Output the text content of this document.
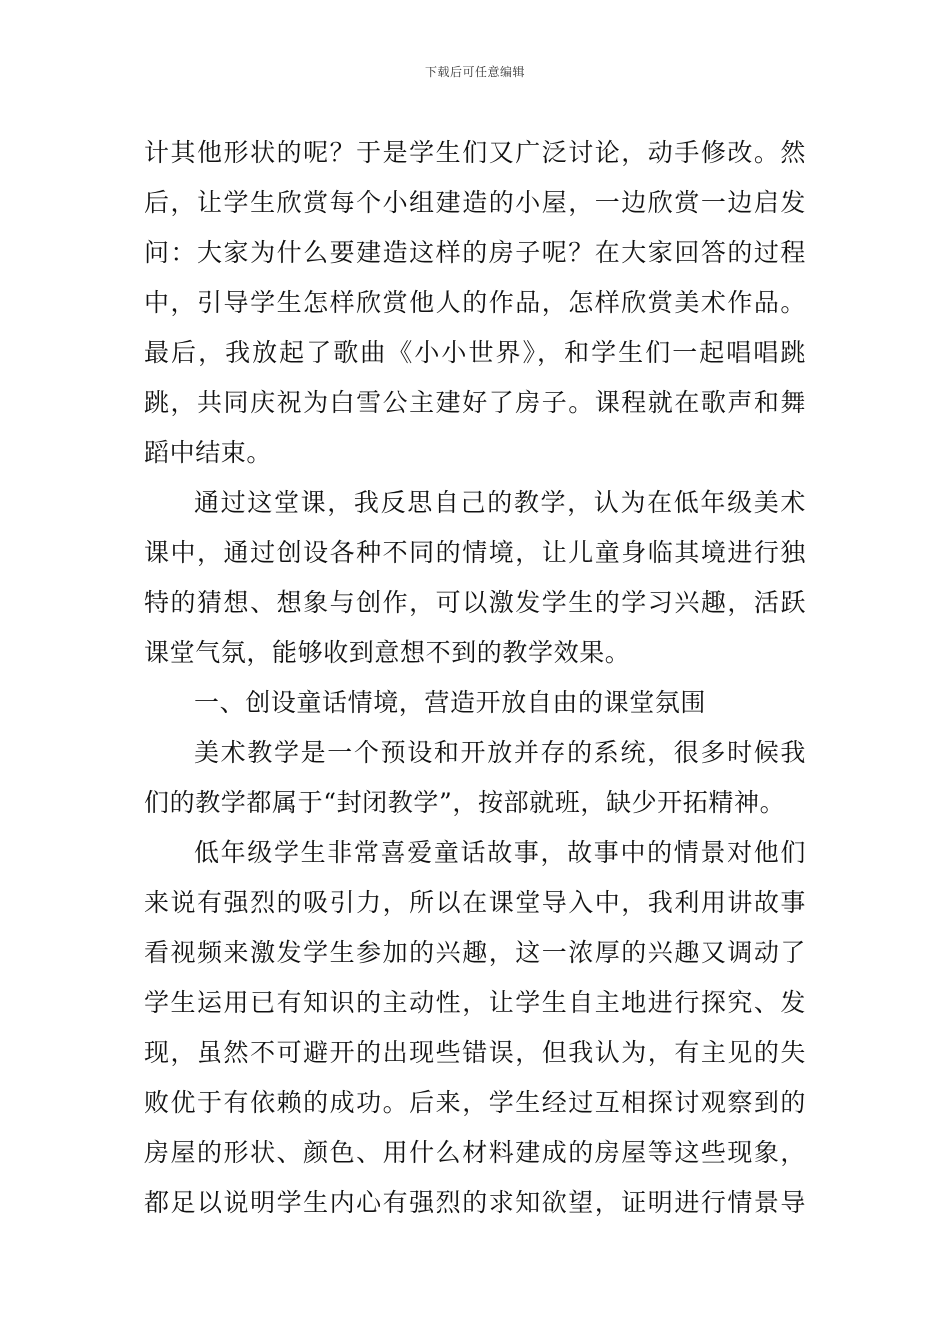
下载后可任意编辑
计其他形状的呢？于是学生们又广泛讨论，动手修改。然
后，让学生欣赏每个小组建造的小屋，一边欣赏一边启发
问：大家为什么要建造这样的房子呢？在大家回答的过程
中，引导学生怎样欣赏他人的作品，怎样欣赏美术作品。
最后，我放起了歌曲《小小世界》，和学生们一起唱唱跳
跳，共同庆祝为白雪公主建好了房子。课程就在歌声和舞
蹈中结束。
通过这堂课，我反思自己的教学，认为在低年级美术
课中，通过创设各种不同的情境，让儿童身临其境进行独
特的猜想、想象与创作，可以激发学生的学习兴趣，活跃
课堂气氛，能够收到意想不到的教学效果。
一、创设童话情境，营造开放自由的课堂氛围
美术教学是一个预设和开放并存的系统，很多时候我
们的教学都属于“封闭教学”，按部就班，缺少开拓精神。
低年级学生非常喜爱童话故事，故事中的情景对他们
来说有强烈的吸引力，所以在课堂导入中，我利用讲故事
看视频来激发学生参加的兴趣，这一浓厚的兴趣又调动了
学生运用已有知识的主动性，让学生自主地进行探究、发
现，虽然不可避开的出现些错误，但我认为，有主见的失
败优于有依赖的成功。后来，学生经过互相探讨观察到的
房屋的形状、颜色、用什么材料建成的房屋等这些现象，
都足以说明学生内心有强烈的求知欲望，证明进行情景导
